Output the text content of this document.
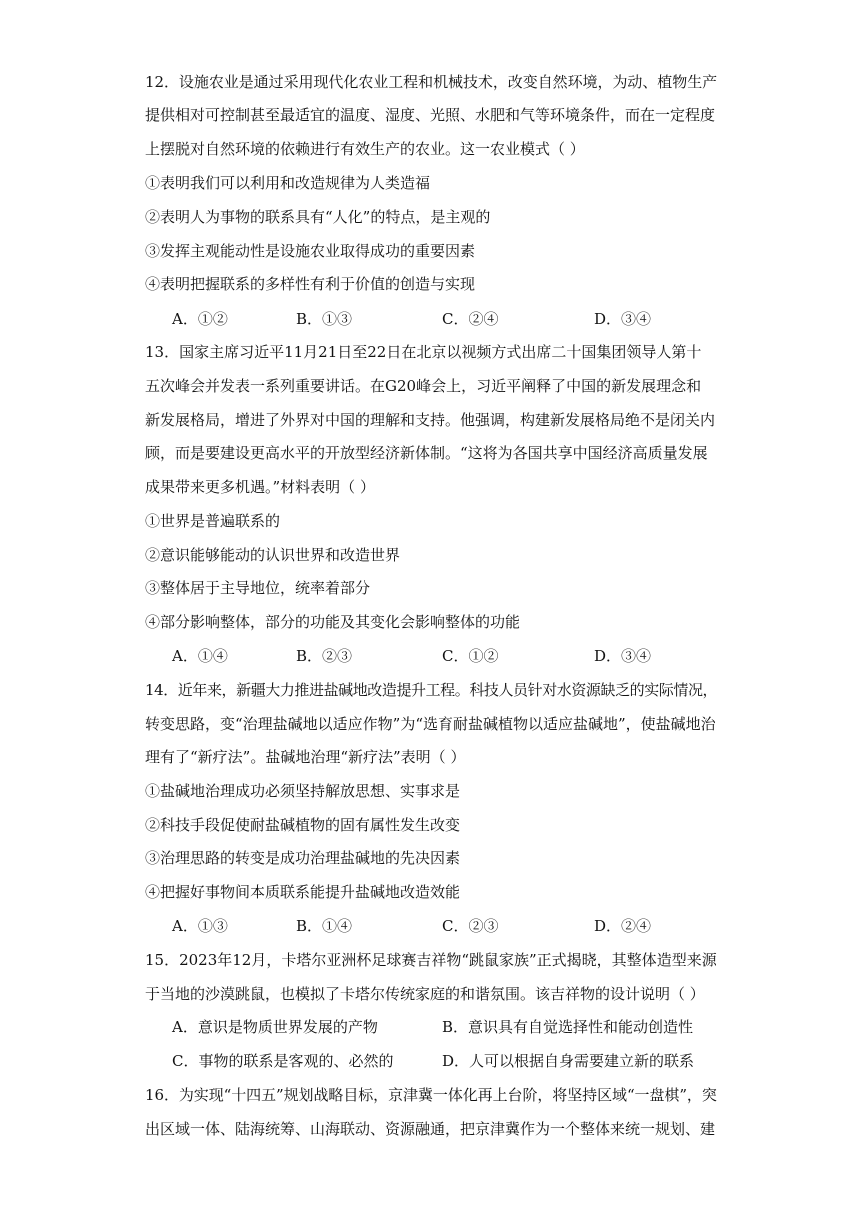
12．设施农业是通过采用现代化农业工程和机械技术，改变自然环境，为动、植物生产
提供相对可控制甚至最适宜的温度、湿度、光照、水肥和气等环境条件，而在一定程度
上摆脱对自然环境的依赖进行有效生产的农业。这一农业模式（ ）
①表明我们可以利用和改造规律为人类造福
②表明人为事物的联系具有“人化”的特点，是主观的
③发挥主观能动性是设施农业取得成功的重要因素
④表明把握联系的多样性有利于价值的创造与实现
A．①②	B．①③	C．②④	D．③④
13．国家主席习近平11月21日至22日在北京以视频方式出席二十国集团领导人第十
五次峰会并发表一系列重要讲话。在G20峰会上，习近平阐释了中国的新发展理念和
新发展格局，增进了外界对中国的理解和支持。他强调，构建新发展格局绝不是闭关内
顾，而是要建设更高水平的开放型经济新体制。“这将为各国共享中国经济高质量发展
成果带来更多机遇。”材料表明（ ）
①世界是普遍联系的
②意识能够能动的认识世界和改造世界
③整体居于主导地位，统率着部分
④部分影响整体，部分的功能及其变化会影响整体的功能
A．①④	B．②③	C．①②	D．③④
14．近年来，新疆大力推进盐碱地改造提升工程。科技人员针对水资源缺乏的实际情况，
转变思路，变“治理盐碱地以适应作物”为“选育耐盐碱植物以适应盐碱地”，使盐碱地治
理有了“新疗法”。盐碱地治理“新疗法”表明（ ）
①盐碱地治理成功必须坚持解放思想、实事求是
②科技手段促使耐盐碱植物的固有属性发生改变
③治理思路的转变是成功治理盐碱地的先决因素
④把握好事物间本质联系能提升盐碱地改造效能
A．①③	B．①④	C．②③	D．②④
15．2023年12月，卡塔尔亚洲杯足球赛吉祥物“跳鼠家族”正式揭晓，其整体造型来源
于当地的沙漠跳鼠，也模拟了卡塔尔传统家庭的和谐氛围。该吉祥物的设计说明（ ）
A．意识是物质世界发展的产物	B．意识具有自觉选择性和能动创造性
C．事物的联系是客观的、必然的	D．人可以根据自身需要建立新的联系
16．为实现“十四五”规划战略目标，京津冀一体化再上台阶，将坚持区域“一盘棋”，突
出区域一体、陆海统筹、山海联动、资源融通，把京津冀作为一个整体来统一规划、建
